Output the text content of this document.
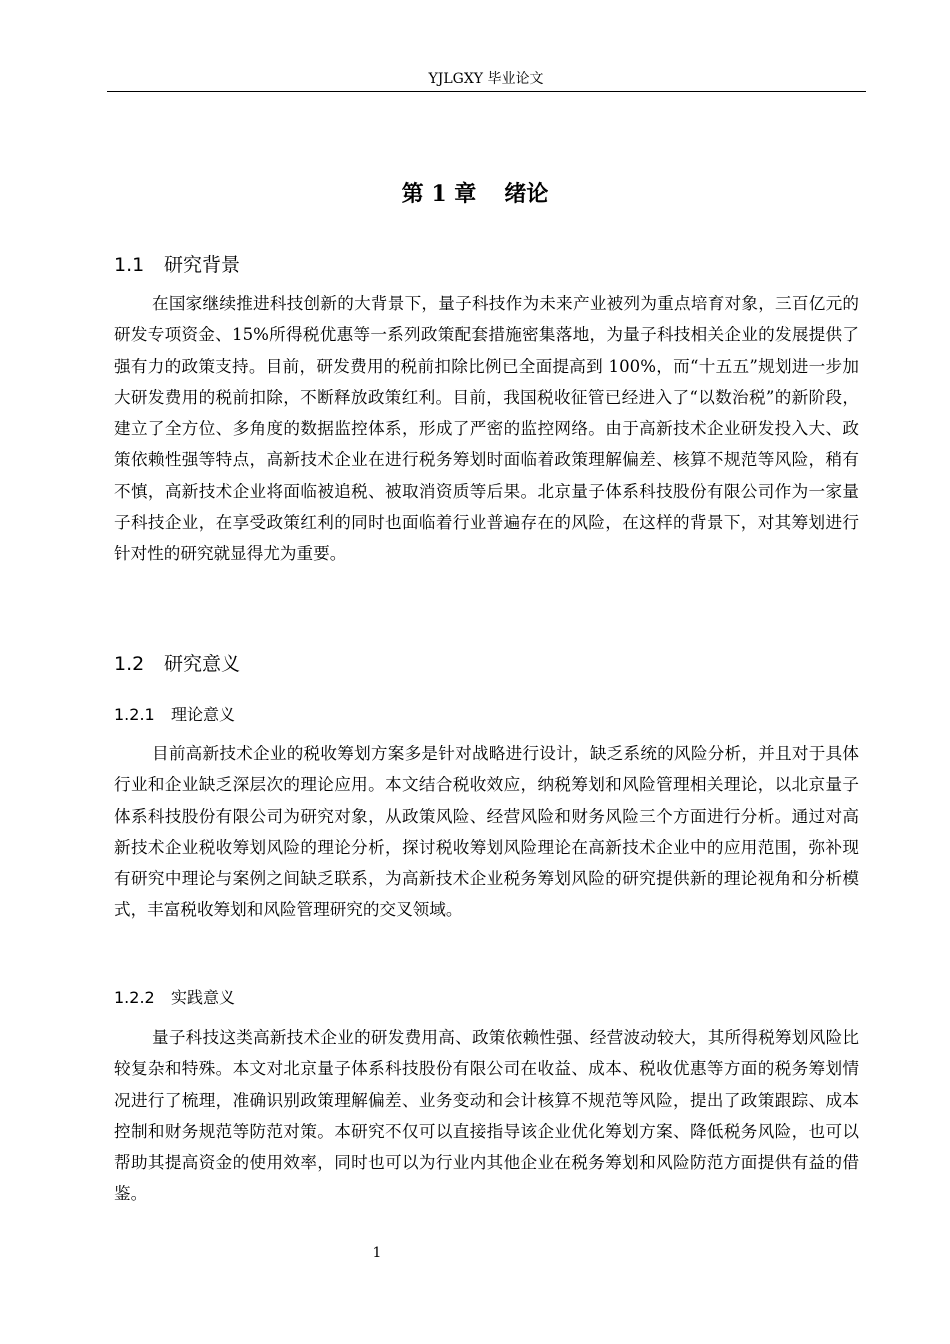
YJLGXY 毕业论文
第 1 章 绪论
1.1 研究背景

在国家继续推进科技创新的大背景下，量子科技作为未来产业被列为重点培育对象，三百亿元的研发专项资金、15%所得税优惠等一系列政策配套措施密集落地，为量子科技相关企业的发展提供了强有力的政策支持。目前，研发费用的税前扣除比例已全面提高到 100%，而“十五五”规划进一步加大研发费用的税前扣除，不断释放政策红利。目前，我国税收征管已经进入了“以数治税”的新阶段，建立了全方位、多角度的数据监控体系，形成了严密的监控网络。由于高新技术企业研发投入大、政策依赖性强等特点，高新技术企业在进行税务筹划时面临着政策理解偏差、核算不规范等风险，稍有不慎，高新技术企业将面临被追税、被取消资质等后果。北京量子体系科技股份有限公司作为一家量子科技企业，在享受政策红利的同时也面临着行业普遍存在的风险，在这样的背景下，对其筹划进行针对性的研究就显得尤为重要。

1.2 研究意义
1.2.1 理论意义

目前高新技术企业的税收筹划方案多是针对战略进行设计，缺乏系统的风险分析，并且对于具体行业和企业缺乏深层次的理论应用。本文结合税收效应，纳税筹划和风险管理相关理论，以北京量子体系科技股份有限公司为研究对象，从政策风险、经营风险和财务风险三个方面进行分析。通过对高新技术企业税收筹划风险的理论分析，探讨税收筹划风险理论在高新技术企业中的应用范围，弥补现有研究中理论与案例之间缺乏联系，为高新技术企业税务筹划风险的研究提供新的理论视角和分析模式，丰富税收筹划和风险管理研究的交叉领域。

1.2.2 实践意义

量子科技这类高新技术企业的研发费用高、政策依赖性强、经营波动较大，其所得税筹划风险比较复杂和特殊。本文对北京量子体系科技股份有限公司在收益、成本、税收优惠等方面的税务筹划情况进行了梳理，准确识别政策理解偏差、业务变动和会计核算不规范等风险，提出了政策跟踪、成本控制和财务规范等防范对策。本研究不仅可以直接指导该企业优化筹划方案、降低税务风险，也可以帮助其提高资金的使用效率，同时也可以为行业内其他企业在税务筹划和风险防范方面提供有益的借鉴。

1
